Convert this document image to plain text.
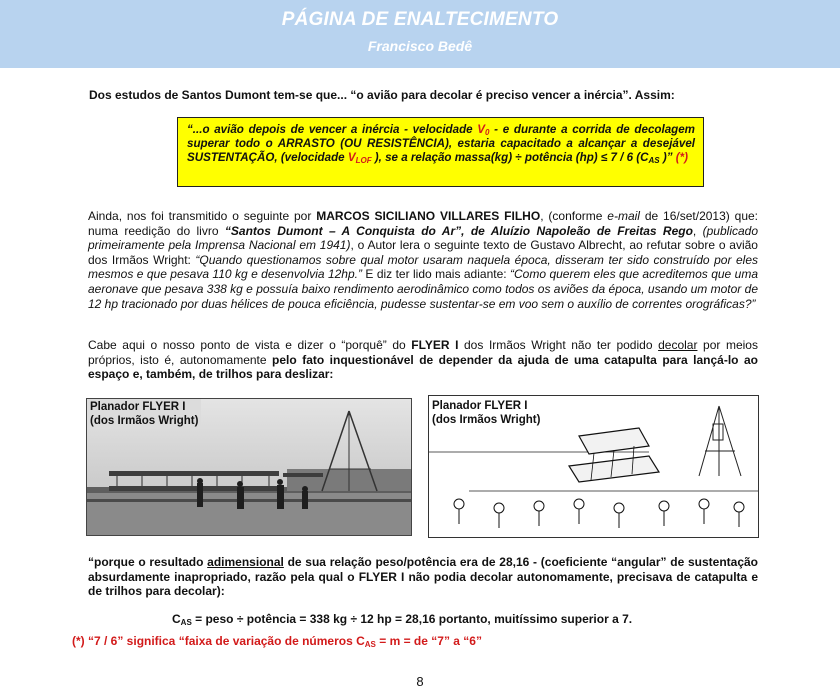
PÁGINA DE ENALTECIMENTO
Francisco Bedê
Dos estudos de Santos Dumont tem-se que... “o avião para decolar é preciso vencer a inércia”. Assim:
“...o avião depois de vencer a inércia - velocidade $V_0$ - e durante a corrida de decolagem superar todo o ARRASTO (OU RESISTÊNCIA), estaria capacitado a alcançar a desejável SUSTENTAÇÃO, (velocidade $V_{LOF}$ ), se a relação massa(kg) ÷ potência (hp) ≤ 7 / 6 ($C_{AS}$ )” (*)
Ainda, nos foi transmitido o seguinte por MARCOS SICILIANO VILLARES FILHO, (conforme e-mail de 16/set/2013) que: numa reedição do livro “Santos Dumont – A Conquista do Ar”, de Aluízio Napoleão de Freitas Rego, (publicado primeiramente pela Imprensa Nacional em 1941), o Autor lera o seguinte texto de Gustavo Albrecht, ao refutar sobre o avião dos Irmãos Wright: “Quando questionamos sobre qual motor usaram naquela época, disseram ter sido construído por eles mesmos e que pesava 110 kg e desenvolvia 12hp.” E diz ter lido mais adiante: “Como querem eles que acreditemos que uma aeronave que pesava 338 kg e possuía baixo rendimento aerodinâmico como todos os aviões da época, usando um motor de 12 hp tracionado por duas hélices de pouca eficiência, pudesse sustentar-se em voo sem o auxílio de correntes orográficas?”
Cabe aqui o nosso ponto de vista e dizer o “porquê” do FLYER I dos Irmãos Wright não ter podido decolar por meios próprios, isto é, autonomamente pelo fato inquestionável de depender da ajuda de uma catapulta para lançá-lo ao espaço e, também, de trilhos para deslizar:
Planador FLYER I
(dos Irmãos Wright)
Planador FLYER I
(dos Irmãos Wright)
“porque o resultado adimensional de sua relação peso/potência era de 28,16 - (coeficiente “angular” de sustentação absurdamente inapropriado, razão pela qual o FLYER I não podia decolar autonomamente, precisava de catapulta e de trilhos para decolar):
$C_{AS}$ = peso ÷ potência = 338 kg ÷ 12 hp = 28,16 portanto, muitíssimo superior a 7.
(*) “7 / 6” significa “faixa de variação de números $C_{AS} = m$ = de “7” a “6”
8
